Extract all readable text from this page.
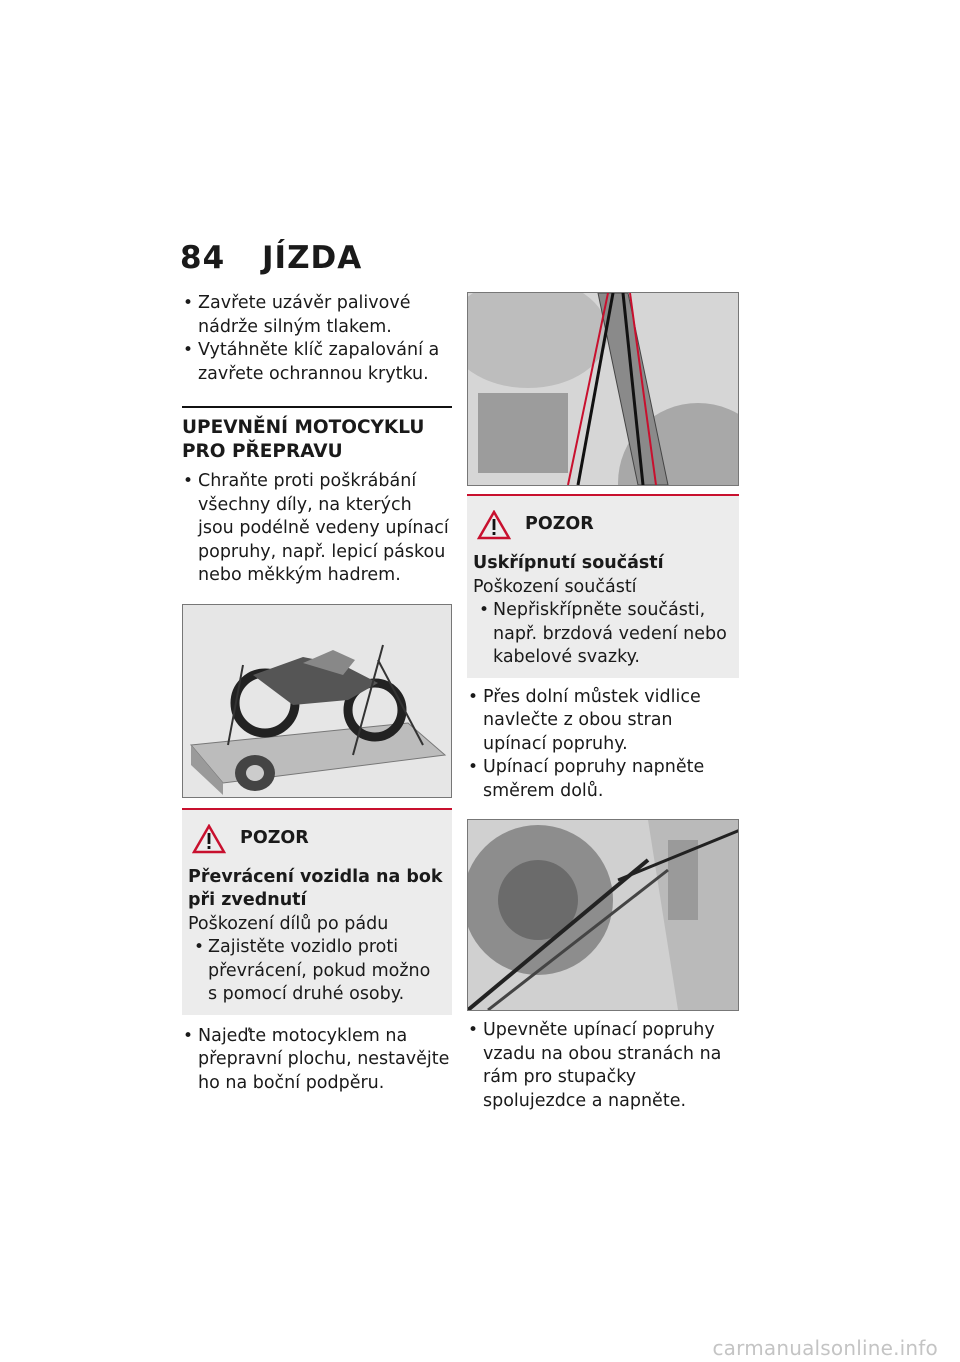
84 JÍZDA

• Zavřete uzávěr palivové nádrže silným tlakem.

• Vytáhněte klíč zapalování a zavřete ochrannou krytku.

UPEVNĚNÍ MOTOCYKLU PRO PŘEPRAVU

• Chraňte proti poškrábání všechny díly, na kterých jsou podélně vedeny upínací popruhy, např. lepicí páskou nebo měkkým hadrem.

POZOR
Převrácení vozidla na bok při zvednutí
Poškození dílů po pádu

• Zajistěte vozidlo proti převrácení, pokud možno s pomocí druhé osoby.

• Najeďte motocyklem na přepravní plochu, nestavějte ho na boční podpěru.

POZOR
Uskřípnutí součástí
Poškození součástí

• Nepřiskřípněte součásti, např. brzdová vedení nebo kabelové svazky.

• Přes dolní můstek vidlice navlečte z obou stran upínací popruhy.

• Upínací popruhy napněte směrem dolů.

• Upevněte upínací popruhy vzadu na obou stranách na rám pro stupačky spolujezdce a napněte.

carmanualsonline.info
